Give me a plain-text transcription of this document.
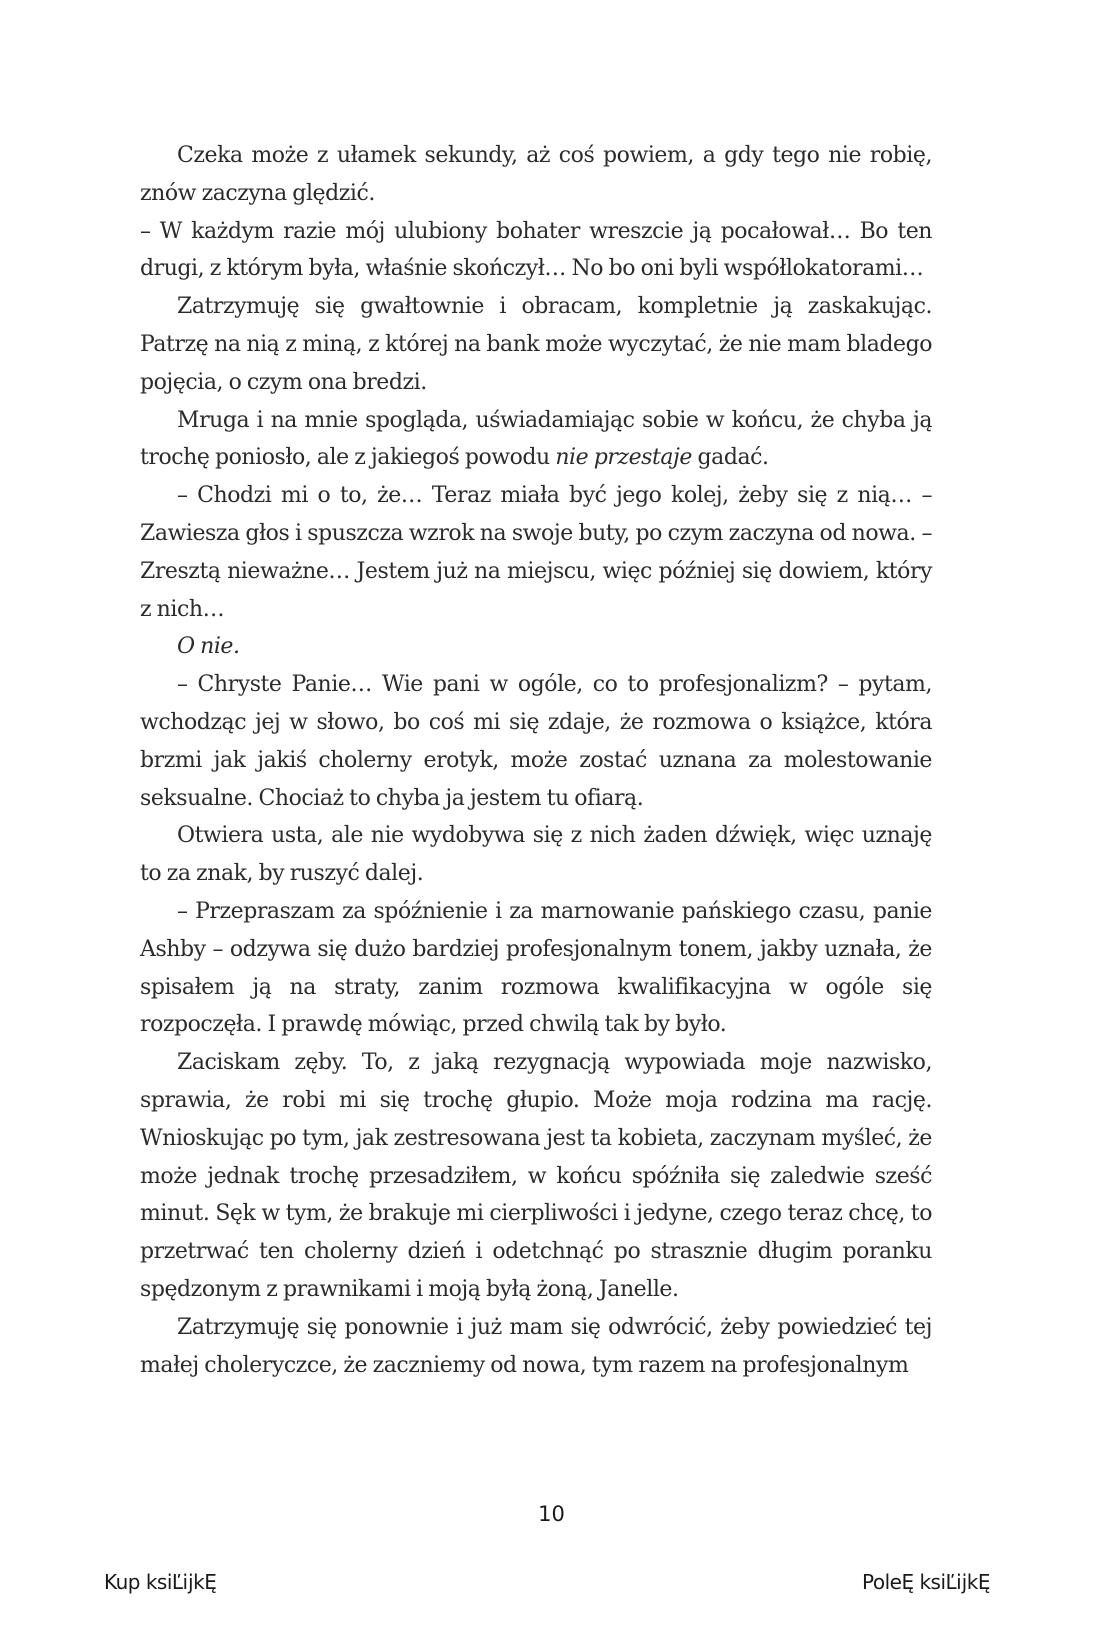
Czeka może z ułamek sekundy, aż coś powiem, a gdy tego nie robię, znów zaczyna ględzić.

– W każdym razie mój ulubiony bohater wreszcie ją pocałował… Bo ten drugi, z którym była, właśnie skończył… No bo oni byli współlokatorami…

Zatrzymuję się gwałtownie i obracam, kompletnie ją zaskakując. Patrzę na nią z miną, z której na bank może wyczytać, że nie mam bladego pojęcia, o czym ona bredzi.

Mruga i na mnie spogląda, uświadamiając sobie w końcu, że chyba ją trochę poniosło, ale z jakiegoś powodu nie przestaje gadać.

– Chodzi mi o to, że… Teraz miała być jego kolej, żeby się z nią… – Zawiesza głos i spuszcza wzrok na swoje buty, po czym zaczyna od nowa. – Zresztą nieważne… Jestem już na miejscu, więc później się dowiem, który z nich…

O nie.

– Chryste Panie… Wie pani w ogóle, co to profesjonalizm? – pytam, wchodząc jej w słowo, bo coś mi się zdaje, że rozmowa o książce, która brzmi jak jakiś cholerny erotyk, może zostać uznana za molestowanie seksualne. Chociaż to chyba ja jestem tu ofiarą.

Otwiera usta, ale nie wydobywa się z nich żaden dźwięk, więc uznaję to za znak, by ruszyć dalej.

– Przepraszam za spóźnienie i za marnowanie pańskiego czasu, panie Ashby – odzywa się dużo bardziej profesjonalnym tonem, jakby uznała, że spisałem ją na straty, zanim rozmowa kwalifikacyjna w ogóle się rozpoczęła. I prawdę mówiąc, przed chwilą tak by było.

Zaciskam zęby. To, z jaką rezygnacją wypowiada moje nazwisko, sprawia, że robi mi się trochę głupio. Może moja rodzina ma rację. Wnioskując po tym, jak zestresowana jest ta kobieta, zaczynam myśleć, że może jednak trochę przesadziłem, w końcu spóźniła się zaledwie sześć minut. Sęk w tym, że brakuje mi cierpliwości i jedyne, czego teraz chcę, to przetrwać ten cholerny dzień i odetchnąć po strasznie długim poranku spędzonym z prawnikami i moją byłą żoną, Janelle.

Zatrzymuję się ponownie i już mam się odwrócić, żeby powiedzieć tej małej choleryczce, że zaczniemy od nowa, tym razem na profesjonalnym

10
Kup ksiĽĳkĘ	PoleĘ ksiĽĳkĘ
